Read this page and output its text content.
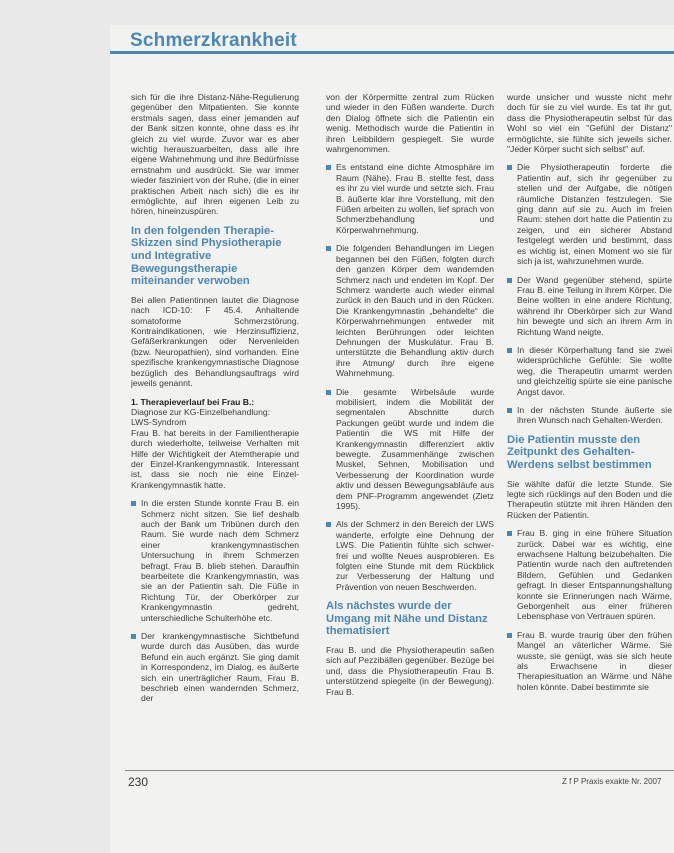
Schmerzkrankheit

sich für die ihre Distanz-Nähe-Regulierung gegenüber den Mitpatienten. Sie konnte erstmals sagen, dass einer jemanden auf der Bank sitzen konnte, ohne dass es ihr gleich zu viel wurde. Zuvor war es aber wichtig herauszuarbeiten, dass alle ihre eigene Wahrnehmung und ihre Bedürfnisse ernstnahm und ausdrückt. Sie war immer wieder fasziniert von der Ruhe, (die in einer praktischen Arbeit nach sich) die es ihr ermöglichte, auf ihren eigenen Leib zu hören, hineinzuspüren.

In den folgenden Therapie-Skizzen sind Physiotherapie und Integrative Bewegungstherapie miteinander verwoben

Bei allen Patientinnen lautet die Diagnose nach ICD-10: F 45.4. Anhaltende somatoforme Schmerzstörung. Kontraindikationen, wie Herzinsuffizienz, Gefäßerkrankungen oder Nervenleiden (bzw. Neuropathien), sind vorhanden. Eine spezifische krankengymnastische Diagnose bezüglich des Behandlungsauftrags wird jeweils genannt.

1. Therapieverlauf bei Frau B.:

Diagnose zur KG-Einzelbehandlung:
LWS-Syndrom

Frau B. hat bereits in der Familientherapie durch wiederholte, teilweise Verhalten mit Hilfe der Wichtigkeit der Atemtherapie und der Einzel-Krankengymnastik. Interessant ist, dass sie noch nie eine Einzel-Krankengymnastik hatte.

In die ersten Stunde konnte Frau B. ein Schmerz nicht sitzen. Sie lief deshalb auch der Bank um Tribünen durch den Raum. Sie wurde nach dem Schmerz einer krankengymnastischen Untersuchung in ihrem Schmerzen befragt. Frau B. blieb stehen. Daraufhin bearbeitete die Krankengymnastin, was sie an der Patientin sah. Die Füße in Richtung Tür, der Oberkörper zur Krankengymnastin gedreht, unterschiedliche Schulterhöhe etc.
Der krankengymnastische Sichtbefund wurde durch das Ausüben, das wurde Befund ein auch ergänzt. Sie ging damit in Korrespondenz, im Dialog, es äußerte sich ein unerträglicher Raum, Frau B. beschrieb einen wandernden Schmerz, der

von der Körpermitte zentral zum Rücken und wieder in den Füßen wanderte. Durch den Dialog öffnete sich die Patientin ein wenig. Methodisch wurde die Patientin in ihren Leibbildern gespiegelt. Sie wurde wahrgenommen.

Es entstand eine dichte Atmosphäre im Raum (Nähe). Frau B. stellte fest, dass es ihr zu viel wurde und setzte sich. Frau B. äußerte klar ihre Vorstellung, mit den Füßen arbeiten zu wollen, lief sprach von Schmerzbehandlung und Körperwahrnehmung.
Die folgenden Behandlungen im Liegen begannen bei den Füßen, folgten durch den ganzen Körper dem wandernden Schmerz nach und endeten im Kopf. Der Schmerz wanderte auch wieder einmal zurück in den Bauch und in den Rücken. Die Krankengymnastin „behandelte“ die Körperwahrnehmungen entweder mit leichten Berührungen oder leichten Dehnungen der Muskulatur. Frau B. unterstützte die Behandlung aktiv durch ihre Atmung/ durch ihre eigene Wahrnehmung.
Die gesamte Wirbelsäule wurde mobilisiert, indem die Mobilität der segmentalen Abschnitte durch Packungen geübt wurde und indem die Patientin die WS mit Hilfe der Krankengymnastin differenziert aktiv bewegte. Zusammenhänge zwischen Muskel, Sehnen, Mobilisation und Verbesserung der Koordination wurde aktiv und dessen Bewegungsabläufe aus dem PNF-Programm angewendet (Zietz 1995).
Als der Schmerz in den Bereich der LWS wanderte, erfolgte eine Dehnung der LWS. Die Patientin fühlte sich schwer- frei und wollte Neues ausprobieren. Es folgten eine Stunde mit dem Rückblick zur Verbesserung der Haltung und Prävention von neuen Beschwerden.
Als nächstes wurde der Umgang mit Nähe und Distanz thematisiert

Frau B. und die Physiotherapeutin saßen sich auf Pezzibällen gegenüber. Bezüge bei und, dass die Physiotherapeutin Frau B. unterstützend spiegelte (in der Bewegung). Frau B.

wurde unsicher und wusste nicht mehr doch für sie zu viel wurde. Es tat ihr gut, dass die Physiotherapeutin selbst für das Wohl so viel ein "Gefühl der Distanz" ermöglichte, sie fühlte sich jeweils sicher. "Jeder Körper sucht sich selbst" auf.

Die Physiotherapeutin forderte die Patientin auf, sich ihr gegenüber zu stellen und der Aufgabe, die nötigen räumliche Distanzen festzulegen. Sie ging dann auf sie zu. Auch im freien Raum: stehen dort hatte die Patientin zu zeigen, und ein sicherer Abstand festgelegt werden und bestimmt, dass es wichtig ist, einen Moment wo sie für sich ja ist, wahrzunehmen wurde.
Der Wand gegenüber stehend, spürte Frau B. eine Teilung in ihrem Körper. Die Beine wollten in eine andere Richtung, während ihr Oberkörper sich zur Wand hin bewegte und sich an ihrem Arm in Richtung Wand neigte.
In dieser Körperhaltung fand sie zwei widersprüchliche Gefühle: Sie wollte weg, die Therapeutin umarmt werden und gleichzeitig spürte sie eine panische Angst davor.
In der nächsten Stunde äußerte sie ihren Wunsch nach Gehalten-Werden.
Die Patientin musste den Zeitpunkt des Gehalten-Werdens selbst bestimmen

Sie wählte dafür die letzte Stunde. Sie legte sich rücklings auf den Boden und die Therapeutin stützte mit ihren Händen den Rücken der Patientin.

Frau B. ging in eine frühere Situation zurück. Dabei war es wichtig, eine erwachsene Haltung beizubehalten. Die Patientin wurde nach den auftretenden Bildern, Gefühlen und Gedanken gefragt. In dieser Entspannungshaltung konnte sie Erinnerungen nach Wärme, Geborgenheit aus einer früheren Lebensphase von Vertrauen spüren.
Frau B. wurde traurig über den frühen Mangel an väterlicher Wärme. Sie wusste, sie genügt, was sie sich heute als Erwachsene in dieser Therapiesituation an Wärme und Nähe holen könnte. Dabei bestimmte sie
230	Z f P Praxis exakte Nr. 2007
